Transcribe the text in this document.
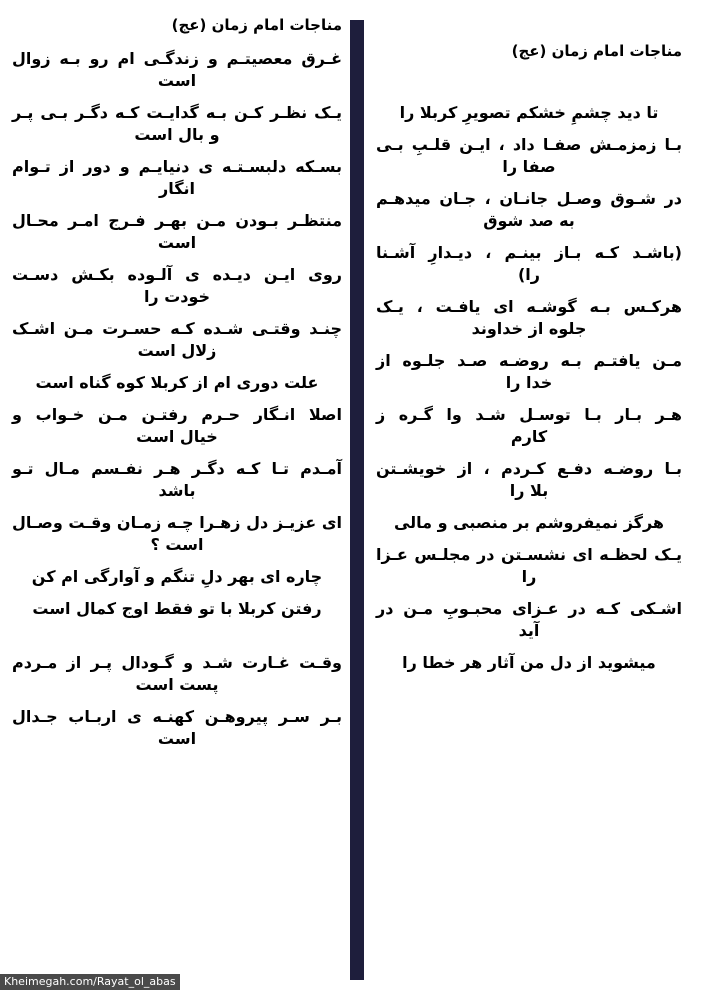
مناجات امام زمان (عج)
غـرق معصیتـم و زندگـی ام رو بـه زوال
است
یـک نظـر کـن بـه گدایـت کـه دگـر بـی پـر
و بال است
بسـکه دلبسـتـه ی دنیایـم و دور از تـوام
انگار
منتظـر بـودن مـن بهـر فـرج امـر محـال
است
روی ایـن دیـده ی آلـوده بکـش دسـت
خودت را
چنـد وقتـی شـده کـه حسـرت مـن اشـک
زلال است
علت دوری ام از کربلا کوه گناه است
اصلا انـگار حـرم رفتـن مـن خـواب و
خیال است
آمـدم تـا کـه دگـر هـر نفـسم مـال تـو
باشد
ای عزیـز دل زهـرا چـه زمـان وقـت وصـال
است ؟
چاره ای بهر دلِ تنگم و آوارگی ام کن
رفتن کربلا با تو فقط اوج کمال است
وقـت غـارت شـد و گـودال پـر از مـردم
پست است
بـر سـر پیروهـن کهنـه ی اربـاب جـدال
است
مناجات امام زمان (عج)
تا دید چشمِ خشکم تصویرِ کربلا را
بـا زمزمـش صفـا داد ، ایـن قلـبِ بـی
صفا را
در شـوق وصـل جانـان ، جـان میدهـم
به صد شوق
(باشـد کـه بـاز بینـم ، دیـدارِ آشـنا
را)
هرکـس بـه گوشـه ای یافـت ، یـک
جلوه از خداوند
مـن یافتـم بـه روضـه صـد جلـوه از
خدا را
هـر بـار بـا توسـل شـد وا گـره ز
کارم
بـا روضـه دفـع کـردم ، از خویشـتن
بلا را
هرگز نمیفروشم بر منصبی و مالی
یـک لحظـه ای نشسـتن در مجلـس عـزا
را
اشـکی کـه در عـزای محبـوبِ مـن در
آید
میشوید از دل من آثار هر خطا را
Kheimegah.com/Rayat_ol_abas
